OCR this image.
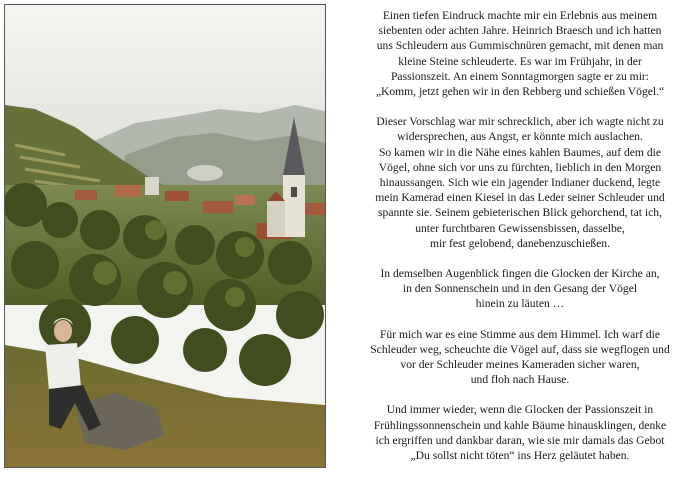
Einen tiefen Eindruck machte mir ein Erlebnis aus meinem
siebenten oder achten Jahre. Heinrich Braesch und ich hatten
uns Schleudern aus Gummischnüren gemacht, mit denen man
kleine Steine schleuderte. Es war im Frühjahr, in der
Passionszeit. An einem Sonntagmorgen sagte er zu mir:
„Komm, jetzt gehen wir in den Rebberg und schießen Vögel.“

Dieser Vorschlag war mir schrecklich, aber ich wagte nicht zu
widersprechen, aus Angst, er könnte mich auslachen.
So kamen wir in die Nähe eines kahlen Baumes, auf dem die
Vögel, ohne sich vor uns zu fürchten, lieblich in den Morgen
hinaussangen. Sich wie ein jagender Indianer duckend, legte
mein Kamerad einen Kiesel in das Leder seiner Schleuder und
spannte sie. Seinem gebieterischen Blick gehorchend, tat ich,
unter furchtbaren Gewissensbissen, dasselbe,
mir fest gelobend, danebenzuschießen.

In demselben Augenblick fingen die Glocken der Kirche an,
in den Sonnenschein und in den Gesang der Vögel
hinein zu läuten …

Für mich war es eine Stimme aus dem Himmel. Ich warf die
Schleuder weg, scheuchte die Vögel auf, dass sie wegflogen und
vor der Schleuder meines Kameraden sicher waren,
und floh nach Hause.

Und immer wieder, wenn die Glocken der Passionszeit in
Frühlingssonnenschein und kahle Bäume hinausklingen, denke
ich ergriffen und dankbar daran, wie sie mir damals das Gebot
„Du sollst nicht töten“ ins Herz geläutet haben.
